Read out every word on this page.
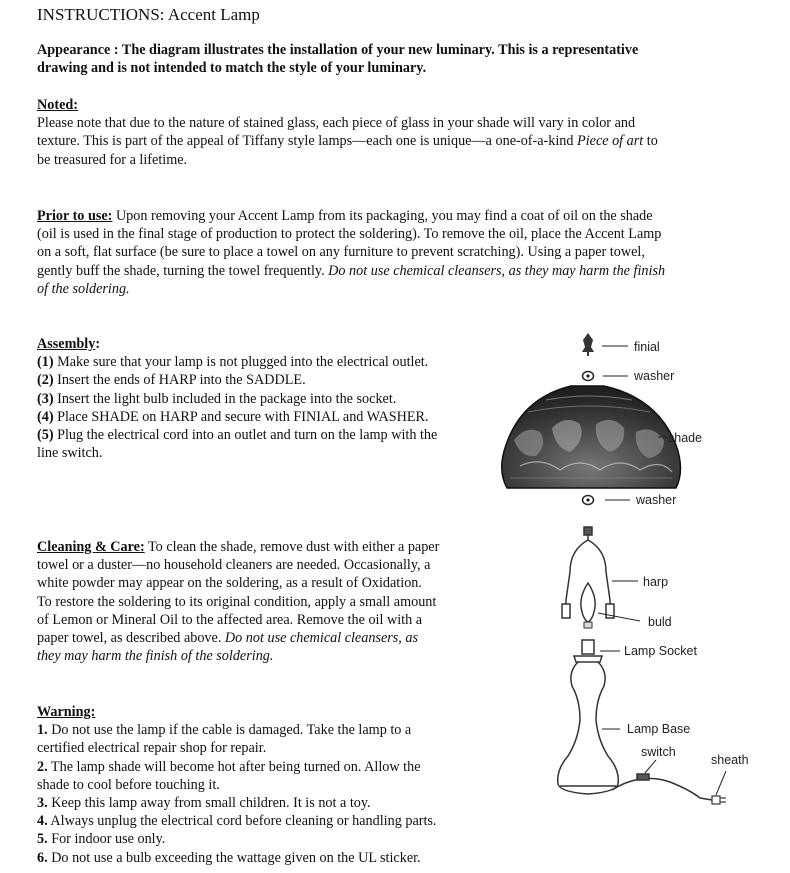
INSTRUCTIONS: Accent Lamp
Appearance : The diagram illustrates the installation of your new luminary. This is a representative
drawing and is not intended to match the style of your luminary.
Noted:
Please note that due to the nature of stained glass, each piece of glass in your shade will vary in color and
texture. This is part of the appeal of Tiffany style lamps—each one is unique—a one-of-a-kind Piece of art to
be treasured for a lifetime.
Prior to use: Upon removing your Accent Lamp from its packaging, you may find a coat of oil on the shade
(oil is used in the final stage of production to protect the soldering). To remove the oil, place the Accent Lamp
on a soft, flat surface (be sure to place a towel on any furniture to prevent scratching). Using a paper towel,
gently buff the shade, turning the towel frequently. Do not use chemical cleansers, as they may harm the finish
of the soldering.
Assembly:
(1) Make sure that your lamp is not plugged into the electrical outlet.
(2) Insert the ends of HARP into the SADDLE.
(3) Insert the light bulb included in the package into the socket.
(4) Place SHADE on HARP and secure with FINIAL and WASHER.
(5) Plug the electrical cord into an outlet and turn on the lamp with the
line switch.
Cleaning & Care: To clean the shade, remove dust with either a paper
towel or a duster—no household cleaners are needed. Occasionally, a
white powder may appear on the soldering, as a result of Oxidation.
To restore the soldering to its original condition, apply a small amount
of Lemon or Mineral Oil to the affected area. Remove the oil with a
paper towel, as described above. Do not use chemical cleansers, as
they may harm the finish of the soldering.
Warning:
1. Do not use the lamp if the cable is damaged. Take the lamp to a
certified electrical repair shop for repair.
2. The lamp shade will become hot after being turned on. Allow the
shade to cool before touching it.
3. Keep this lamp away from small children. It is not a toy.
4. Always unplug the electrical cord before cleaning or handling parts.
5. For indoor use only.
6. Do not use a bulb exceeding the wattage given on the UL sticker.
finial
washer
shade
washer
harp
buld
Lamp Socket
Lamp Base
switch
sheath
